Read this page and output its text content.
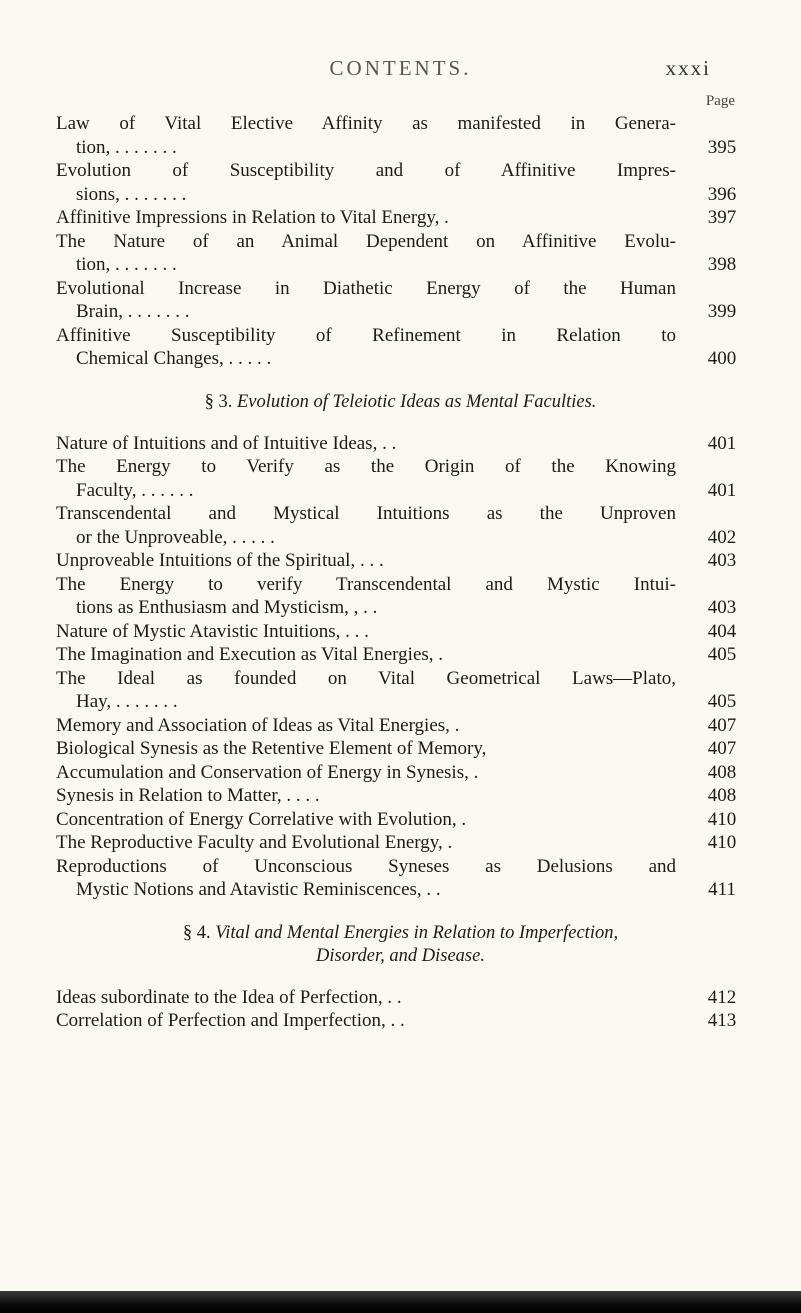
CONTENTS.	xxxi
Page
Law of Vital Elective Affinity as manifested in Genera-
tion, . . . . . . .	395
Evolution of Susceptibility and of Affinitive Impres-
sions, . . . . . . .	396
Affinitive Impressions in Relation to Vital Energy, .	397
The Nature of an Animal Dependent on Affinitive Evolu-
tion, . . . . . . .	398
Evolutional Increase in Diathetic Energy of the Human
Brain, . . . . . . .	399
Affinitive Susceptibility of Refinement in Relation to
Chemical Changes, . . . . .	400
§ 3. Evolution of Teleiotic Ideas as Mental Faculties.
Nature of Intuitions and of Intuitive Ideas, . .	401
The Energy to Verify as the Origin of the Knowing
Faculty, . . . . . .	401
Transcendental and Mystical Intuitions as the Unproven
or the Unproveable, . . . . .	402
Unproveable Intuitions of the Spiritual, . . .	403
The Energy to verify Transcendental and Mystic Intui-
tions as Enthusiasm and Mysticism, , . .	403
Nature of Mystic Atavistic Intuitions, . . .	404
The Imagination and Execution as Vital Energies, .	405
The Ideal as founded on Vital Geometrical Laws—Plato,
Hay, . . . . . . .	405
Memory and Association of Ideas as Vital Energies, .	407
Biological Synesis as the Retentive Element of Memory,	407
Accumulation and Conservation of Energy in Synesis, .	408
Synesis in Relation to Matter, . . . .	408
Concentration of Energy Correlative with Evolution, .	410
The Reproductive Faculty and Evolutional Energy, .	410
Reproductions of Unconscious Syneses as Delusions and
Mystic Notions and Atavistic Reminiscences, . .	411
§ 4. Vital and Mental Energies in Relation to Imperfection,
Disorder, and Disease.
Ideas subordinate to the Idea of Perfection, . .	412
Correlation of Perfection and Imperfection, . .	413
